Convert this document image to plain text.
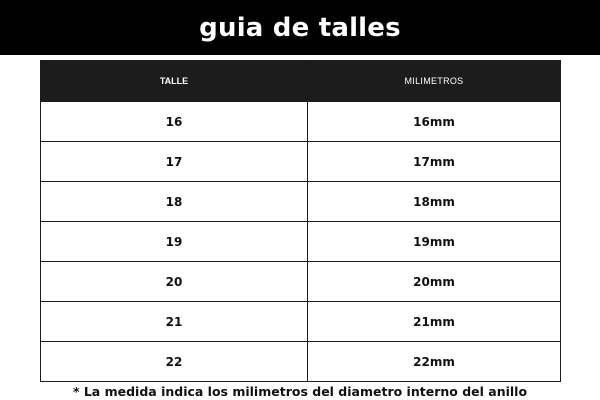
guia de talles
TALLE	MILIMETROS
16	16mm
17	17mm
18	18mm
19	19mm
20	20mm
21	21mm
22	22mm
* La medida indica los milimetros del diametro interno del anillo
